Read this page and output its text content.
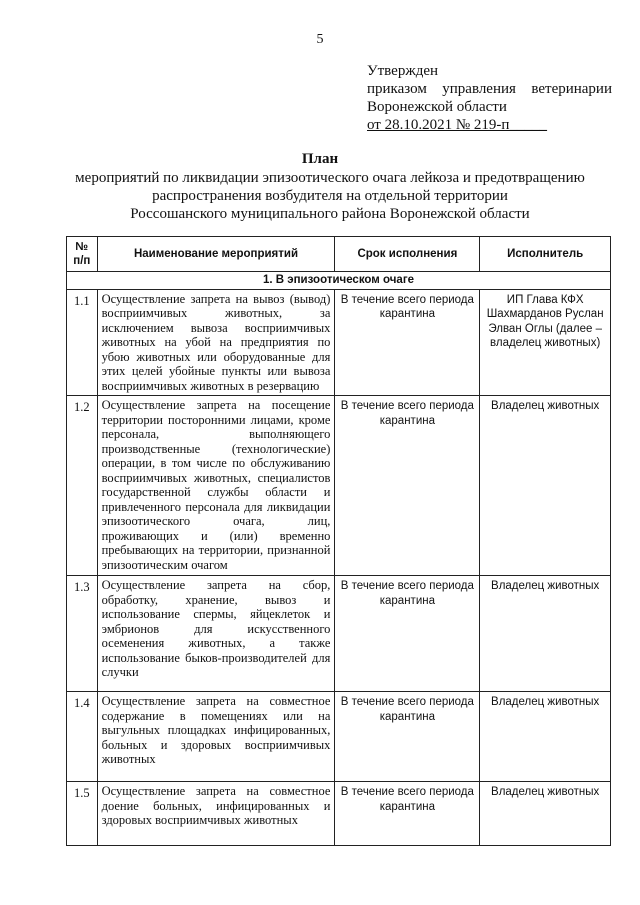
5
Утвержден
приказом управления ветеринарии
Воронежской области
от 28.10.2021 № 219-п_____
План
мероприятий по ликвидации эпизоотического очага лейкоза и предотвращению
распространения возбудителя на отдельной территории
Россошанского муниципального района Воронежской области
№
п/п	Наименование мероприятий	Срок исполнения	Исполнитель
1. В эпизоотическом очаге			
1.1	Осуществление запрета на вывоз (вывод) восприимчивых животных, за исключением вывоза восприимчивых животных на убой на предприятия по убою животных или оборудованные для этих целей убойные пункты или вывоза восприимчивых животных в резервацию	В течение всего периода карантина	ИП Глава КФХ Шахмарданов Руслан Элван Оглы (далее – владелец животных)
1.2	Осуществление запрета на посещение территории посторонними лицами, кроме персонала, выполняющего производственные (технологические) операции, в том числе по обслуживанию восприимчивых животных, специалистов государственной службы области и привлеченного персонала для ликвидации эпизоотического очага, лиц, проживающих и (или) временно пребывающих на территории, признанной эпизоотическим очагом	В течение всего периода карантина	Владелец животных
1.3	Осуществление запрета на сбор, обработку, хранение, вывоз и использование спермы, яйцеклеток и эмбрионов для искусственного осеменения животных, а также использование быков-производителей для случки	В течение всего периода карантина	Владелец животных
1.4	Осуществление запрета на совместное содержание в помещениях или на выгульных площадках инфицированных, больных и здоровых восприимчивых животных	В течение всего периода карантина	Владелец животных
1.5	Осуществление запрета на совместное доение больных, инфицированных и здоровых восприимчивых животных	В течение всего периода карантина	Владелец животных
